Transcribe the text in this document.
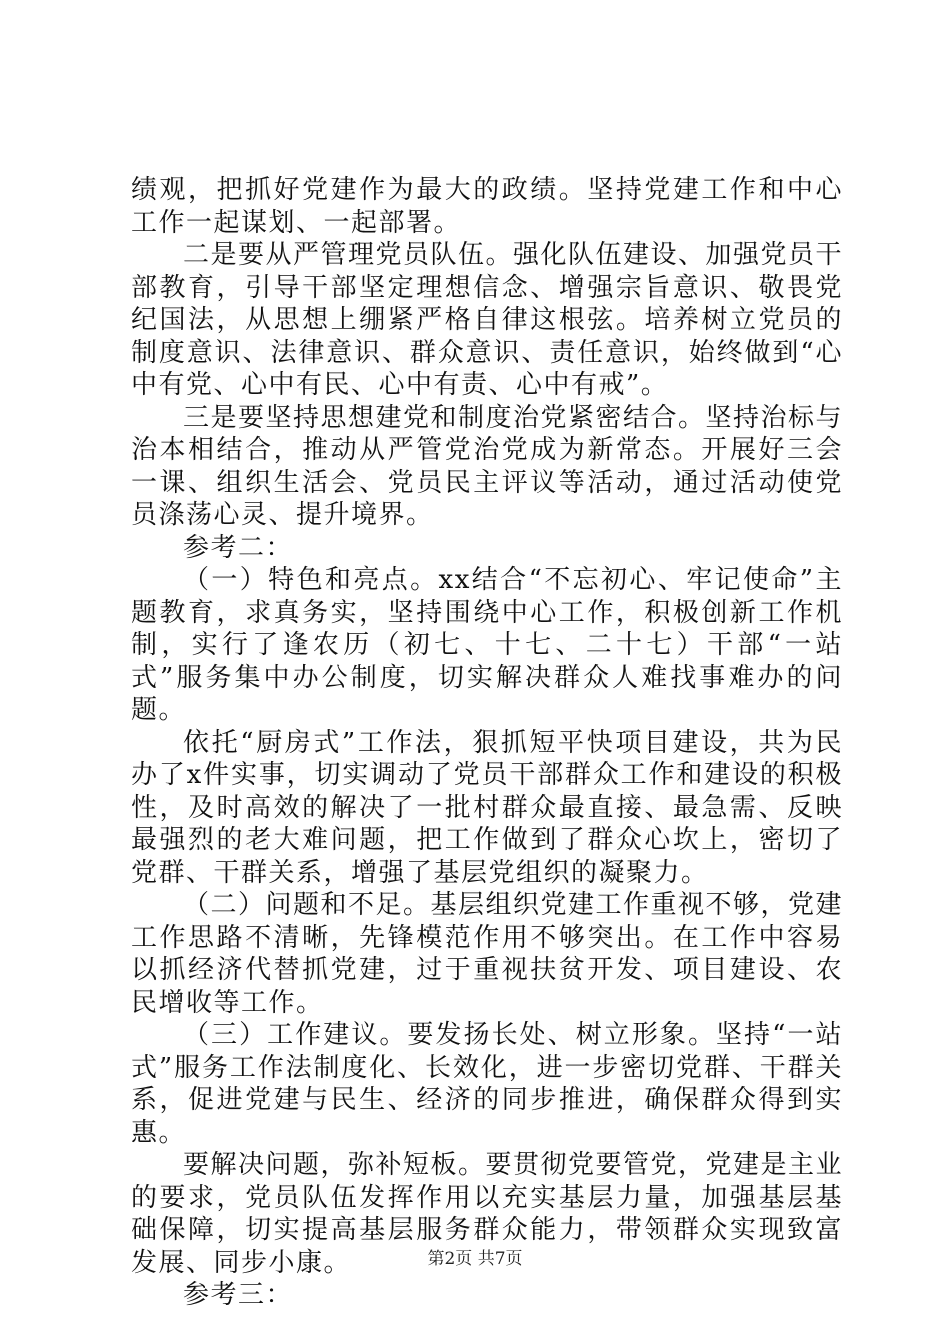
绩观，把抓好党建作为最大的政绩。坚持党建工作和中心工作一起谋划、一起部署。

二是要从严管理党员队伍。强化队伍建设、加强党员干部教育，引导干部坚定理想信念、增强宗旨意识、敬畏党纪国法，从思想上绷紧严格自律这根弦。培养树立党员的制度意识、法律意识、群众意识、责任意识，始终做到“心中有党、心中有民、心中有责、心中有戒”。

三是要坚持思想建党和制度治党紧密结合。坚持治标与治本相结合，推动从严管党治党成为新常态。开展好三会一课、组织生活会、党员民主评议等活动，通过活动使党员涤荡心灵、提升境界。

参考二：

（一）特色和亮点。xx结合“不忘初心、牢记使命”主题教育，求真务实，坚持围绕中心工作，积极创新工作机制，实行了逢农历（初七、十七、二十七）干部“一站式”服务集中办公制度，切实解决群众人难找事难办的问题。

依托“厨房式”工作法，狠抓短平快项目建设，共为民办了x件实事，切实调动了党员干部群众工作和建设的积极性，及时高效的解决了一批村群众最直接、最急需、反映最强烈的老大难问题，把工作做到了群众心坎上，密切了党群、干群关系，增强了基层党组织的凝聚力。

（二）问题和不足。基层组织党建工作重视不够，党建工作思路不清晰，先锋模范作用不够突出。在工作中容易以抓经济代替抓党建，过于重视扶贫开发、项目建设、农民增收等工作。

（三）工作建议。要发扬长处、树立形象。坚持“一站式”服务工作法制度化、长效化，进一步密切党群、干群关系，促进党建与民生、经济的同步推进，确保群众得到实惠。

要解决问题，弥补短板。要贯彻党要管党，党建是主业的要求，党员队伍发挥作用以充实基层力量，加强基层基础保障，切实提高基层服务群众能力，带领群众实现致富发展、同步小康。

参考三：

第2页 共7页
